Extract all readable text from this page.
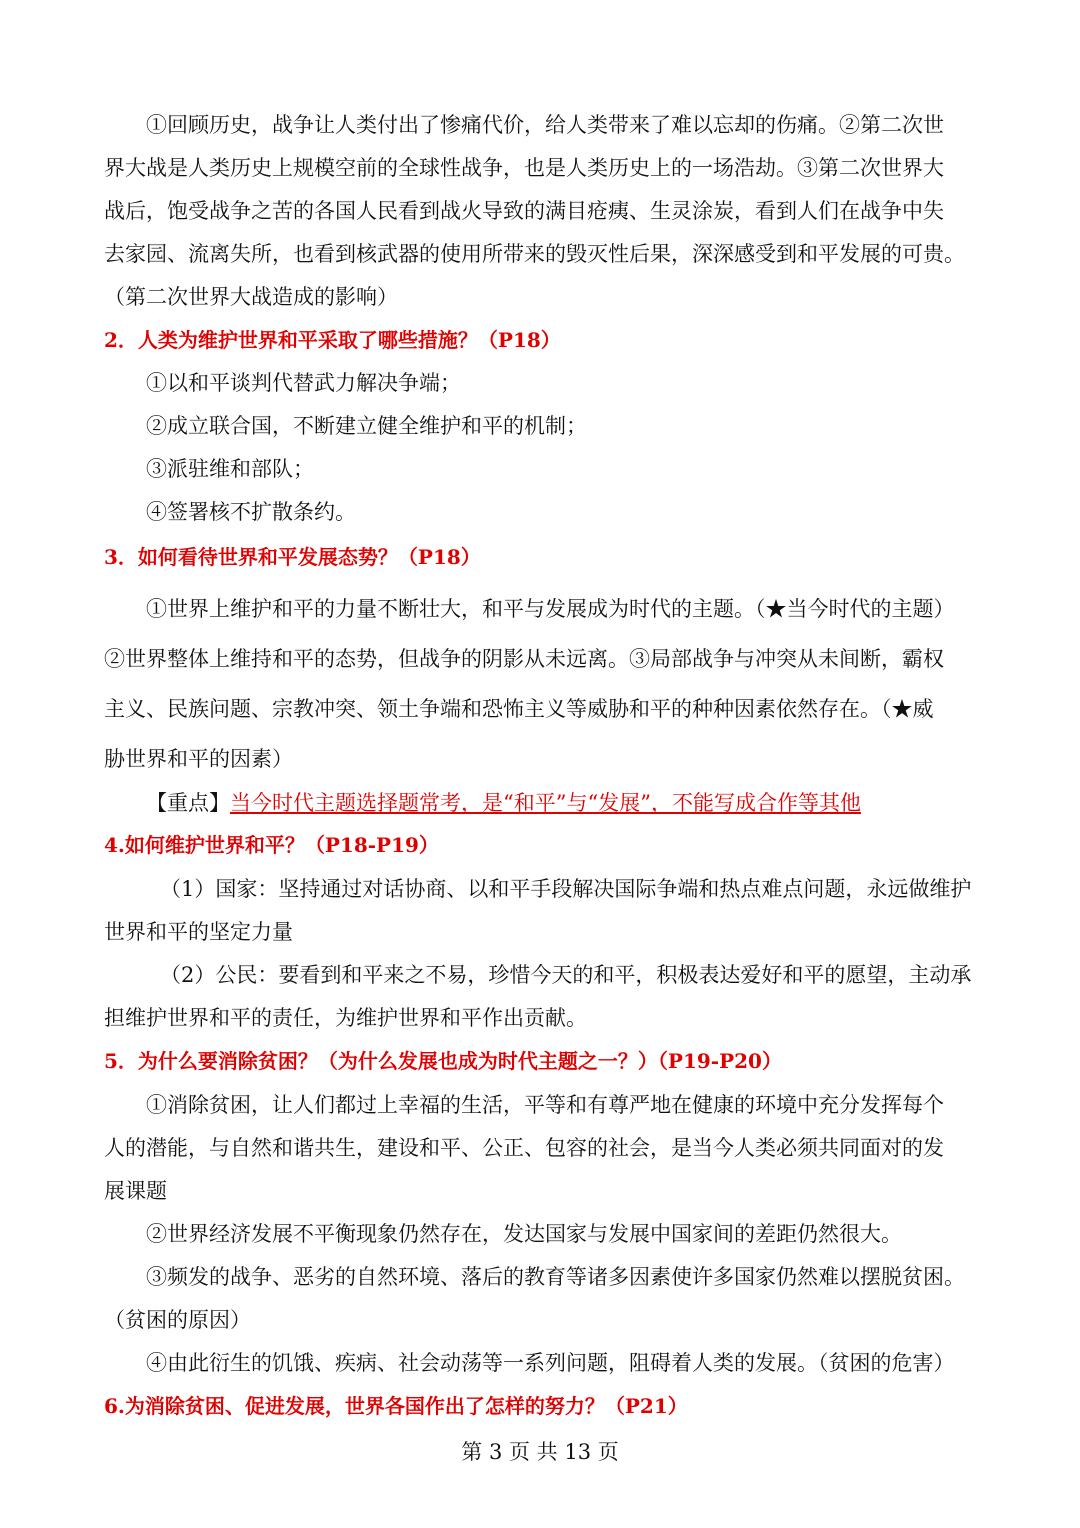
①回顾历史，战争让人类付出了惨痛代价，给人类带来了难以忘却的伤痛。②第二次世
界大战是人类历史上规模空前的全球性战争，也是人类历史上的一场浩劫。③第二次世界大
战后，饱受战争之苦的各国人民看到战火导致的满目疮痍、生灵涂炭，看到人们在战争中失
去家园、流离失所，也看到核武器的使用所带来的毁灭性后果，深深感受到和平发展的可贵。
（第二次世界大战造成的影响）
2．人类为维护世界和平采取了哪些措施？（P18）
①以和平谈判代替武力解决争端；
②成立联合国，不断建立健全维护和平的机制；
③派驻维和部队；
④签署核不扩散条约。
3．如何看待世界和平发展态势？（P18）
①世界上维护和平的力量不断壮大，和平与发展成为时代的主题。（★当今时代的主题）
②世界整体上维持和平的态势，但战争的阴影从未远离。③局部战争与冲突从未间断，霸权
主义、民族问题、宗教冲突、领土争端和恐怖主义等威胁和平的种种因素依然存在。（★威
胁世界和平的因素）
【重点】当今时代主题选择题常考，是“和平”与“发展”，不能写成合作等其他
4.如何维护世界和平？（P18-P19）
（1）国家：坚持通过对话协商、以和平手段解决国际争端和热点难点问题，永远做维护
世界和平的坚定力量
（2）公民：要看到和平来之不易，珍惜今天的和平，积极表达爱好和平的愿望，主动承
担维护世界和平的责任，为维护世界和平作出贡献。
5．为什么要消除贫困？（为什么发展也成为时代主题之一？）（P19-P20）
①消除贫困，让人们都过上幸福的生活，平等和有尊严地在健康的环境中充分发挥每个
人的潜能，与自然和谐共生，建设和平、公正、包容的社会，是当今人类必须共同面对的发
展课题
②世界经济发展不平衡现象仍然存在，发达国家与发展中国家间的差距仍然很大。
③频发的战争、恶劣的自然环境、落后的教育等诸多因素使许多国家仍然难以摆脱贫困。
（贫困的原因）
④由此衍生的饥饿、疾病、社会动荡等一系列问题，阻碍着人类的发展。（贫困的危害）
6.为消除贫困、促进发展，世界各国作出了怎样的努力？（P21）
第 3 页 共 13 页
